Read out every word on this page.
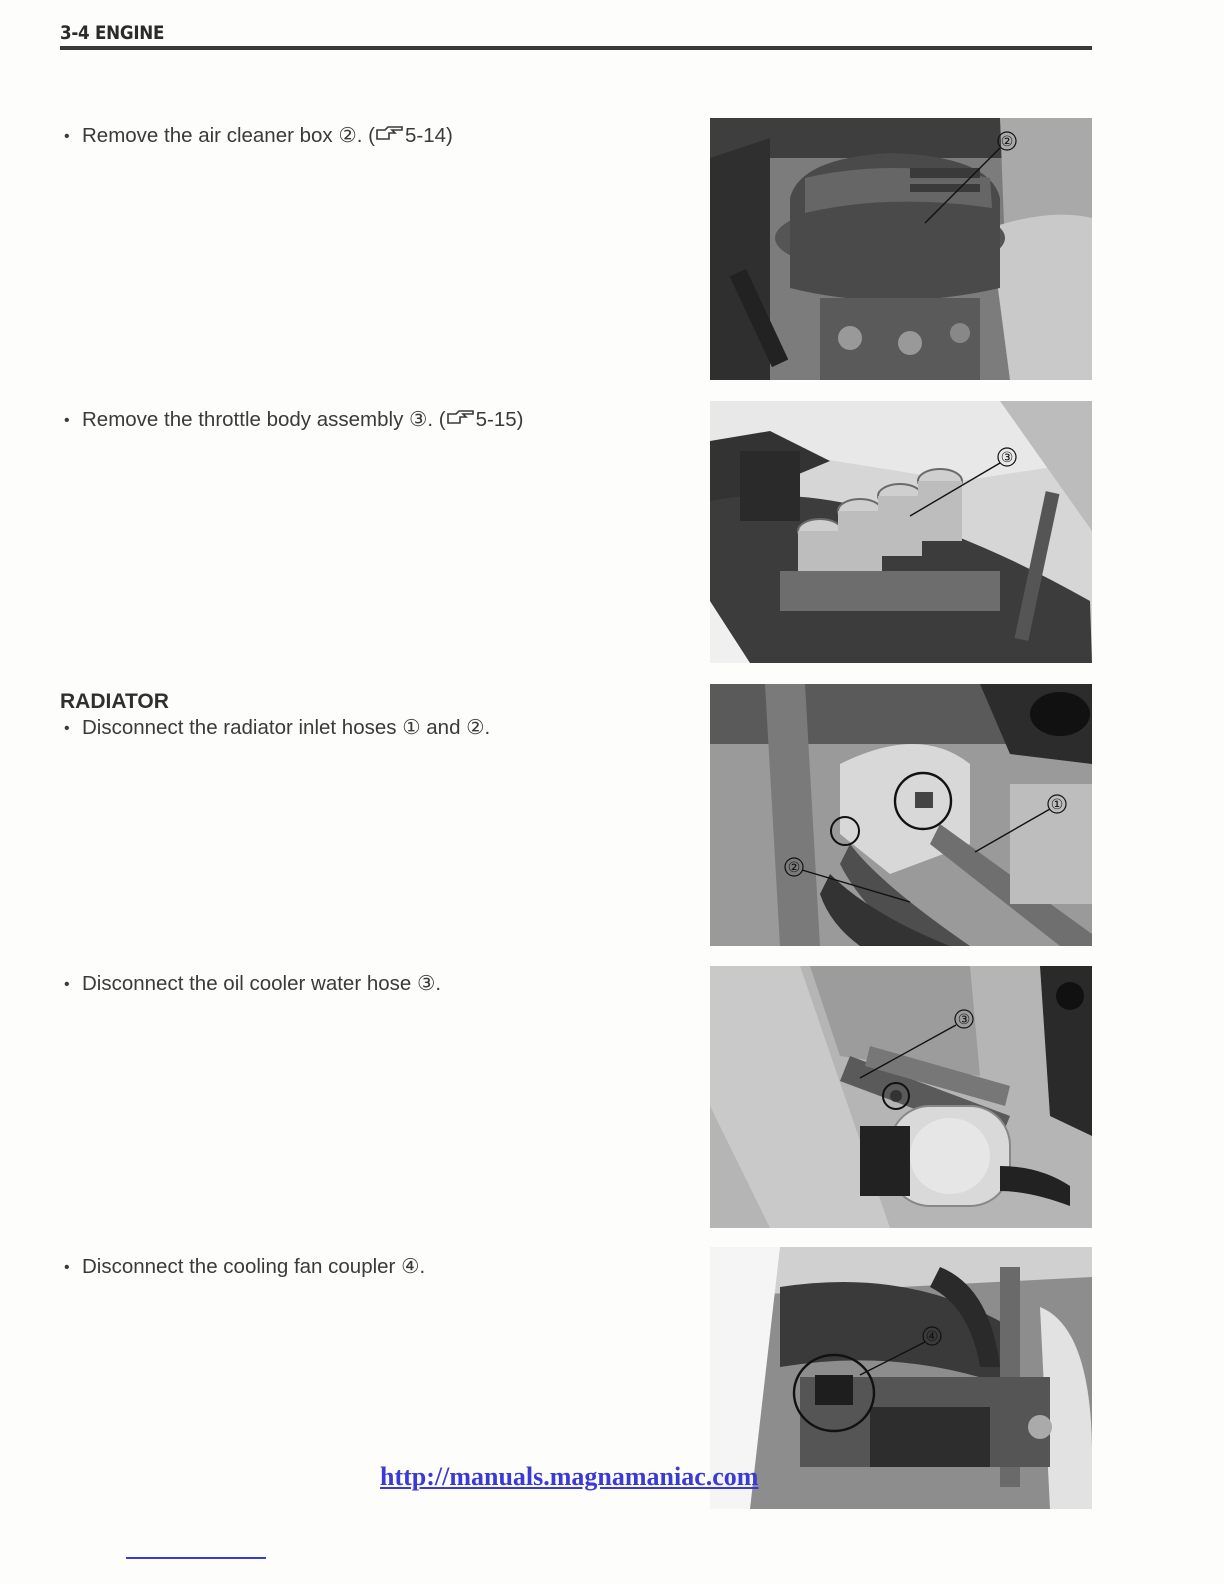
3-4 ENGINE
• Remove the air cleaner box ②. ( 5-14)
• Remove the throttle body assembly ③. ( 5-15)
RADIATOR
• Disconnect the radiator inlet hoses ① and ②.
• Disconnect the oil cooler water hose ③.
• Disconnect the cooling fan coupler ④.
②
③
①
②
③
④
http://manuals.magnamaniac.com
